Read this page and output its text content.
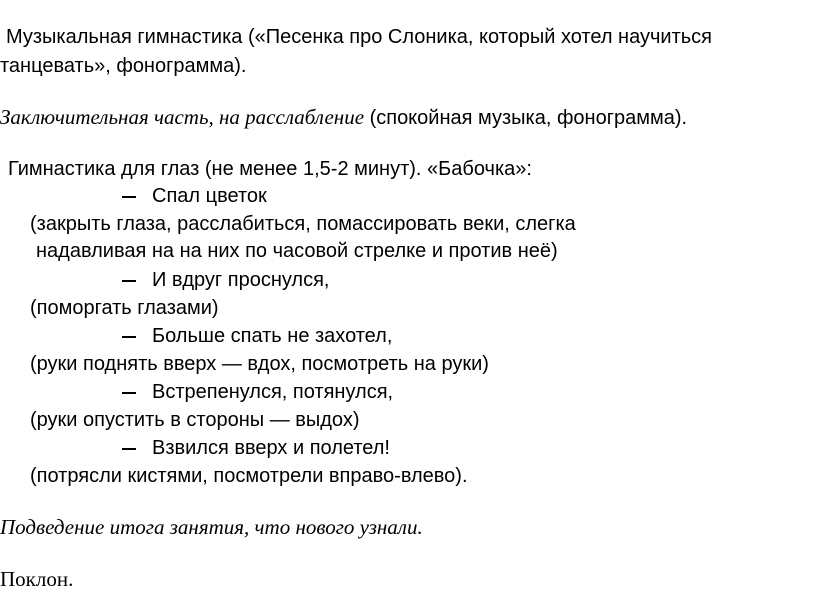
Музыкальная гимнастика («Песенка про Слоника, который хотел научиться
танцевать», фонограмма).
Заключительная часть, на расслабление (спокойная музыка, фонограмма).
Гимнастика для глаз (не менее 1,5-2 минут). «Бабочка»:
Спал цветок
(закрыть глаза, расслабиться, помассировать веки, слегка
надавливая на на них по часовой стрелке и против неё)
И вдруг проснулся,
(поморгать глазами)
Больше спать не захотел,
(руки поднять вверх — вдох, посмотреть на руки)
Встрепенулся, потянулся,
(руки опустить в стороны — выдох)
Взвился вверх и полетел!
(потрясли кистями, посмотрели вправо-влево).
Подведение итога занятия, что нового узнали.
Поклон.
